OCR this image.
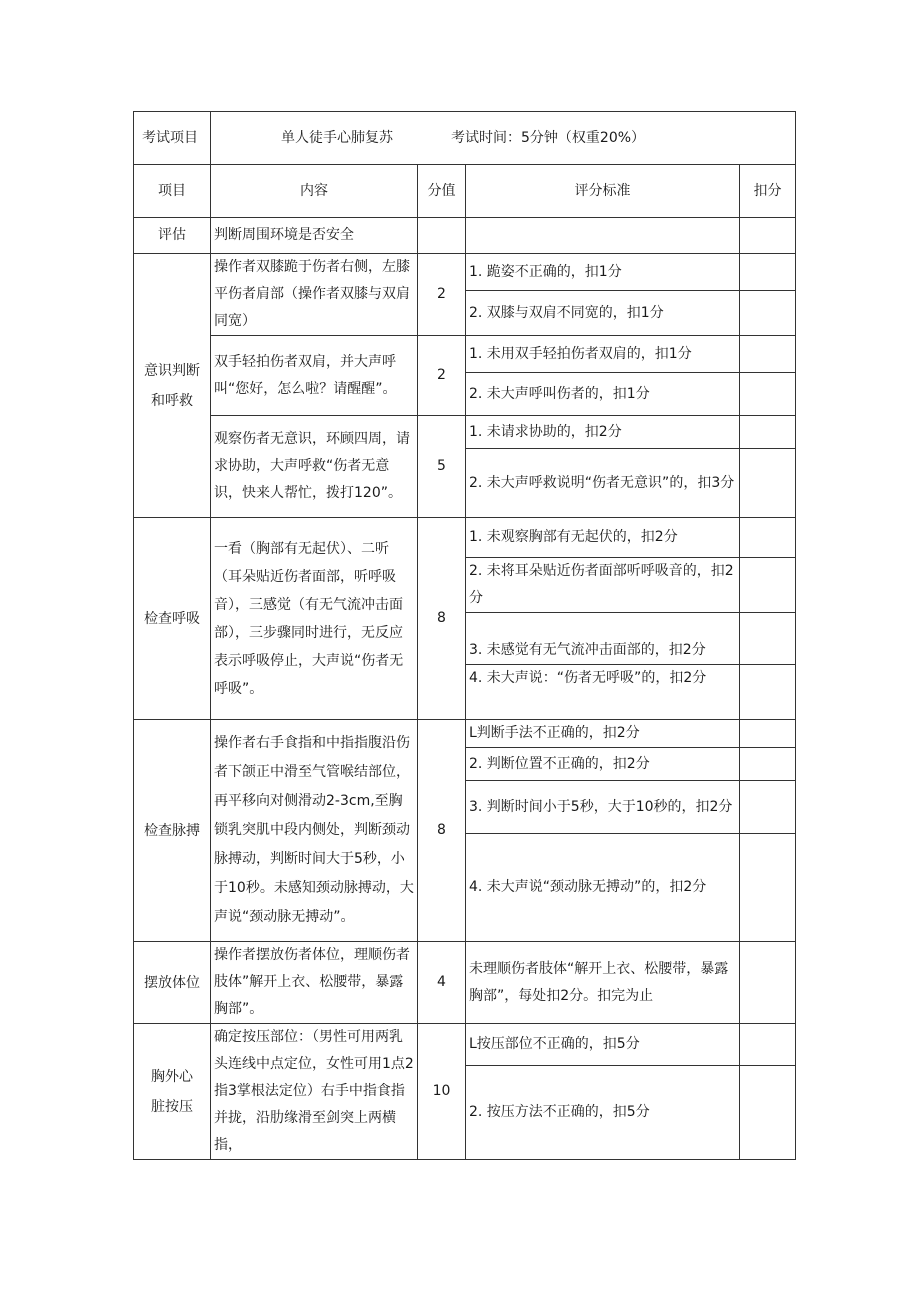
考试项目	单人徒手心肺复苏 考试时间：5分钟（权重20%）			
项目	内容	分值	评分标准	扣分
评估	判断周围环境是否安全			
意识判断和呼救	操作者双膝跪于伤者右侧，左膝平伤者肩部（操作者双膝与双肩同宽）	2	1. 跪姿不正确的，扣1分	
			2. 双膝与双肩不同宽的，扣1分	
	双手轻拍伤者双肩，并大声呼叫“您好，怎么啦？请醒醒”。	2	1. 未用双手轻拍伤者双肩的，扣1分	
			2. 未大声呼叫伤者的，扣1分	
	观察伤者无意识，环顾四周，请求协助，大声呼救“伤者无意识，快来人帮忙，拨打120”。	5	1. 未请求协助的，扣2分	
			2. 未大声呼救说明“伤者无意识”的，扣3分	
检查呼吸	一看（胸部有无起伏）、二听（耳朵贴近伤者面部，听呼吸音），三感觉（有无气流冲击面部），三步骤同时进行，无反应表示呼吸停止，大声说“伤者无呼吸”。	8	1. 未观察胸部有无起伏的，扣2分	
			2. 未将耳朵贴近伤者面部听呼吸音的，扣2分	
			3. 未感觉有无气流冲击面部的，扣2分	
			4. 未大声说：“伤者无呼吸”的，扣2分	
检查脉搏	操作者右手食指和中指指腹沿伤者下颌正中滑至气管喉结部位，再平移向对侧滑动2-3cm,至胸锁乳突肌中段内侧处，判断颈动脉搏动，判断时间大于5秒，小于10秒。未感知颈动脉搏动，大声说“颈动脉无搏动”。	8	L判断手法不正确的，扣2分	
			2. 判断位置不正确的，扣2分	
			3. 判断时间小于5秒，大于10秒的，扣2分	
			4. 未大声说“颈动脉无搏动”的，扣2分	
摆放体位	操作者摆放伤者体位，理顺伤者肢体”解开上衣、松腰带，暴露胸部”。	4	未理顺伤者肢体“解开上衣、松腰带，暴露胸部”，每处扣2分。扣完为止	
胸外心脏按压	确定按压部位：（男性可用两乳头连线中点定位，女性可用1点2指3掌根法定位）右手中指食指并拢，沿肋缘滑至剑突上两横指，	10	L按压部位不正确的，扣5分	
			2. 按压方法不正确的，扣5分	
